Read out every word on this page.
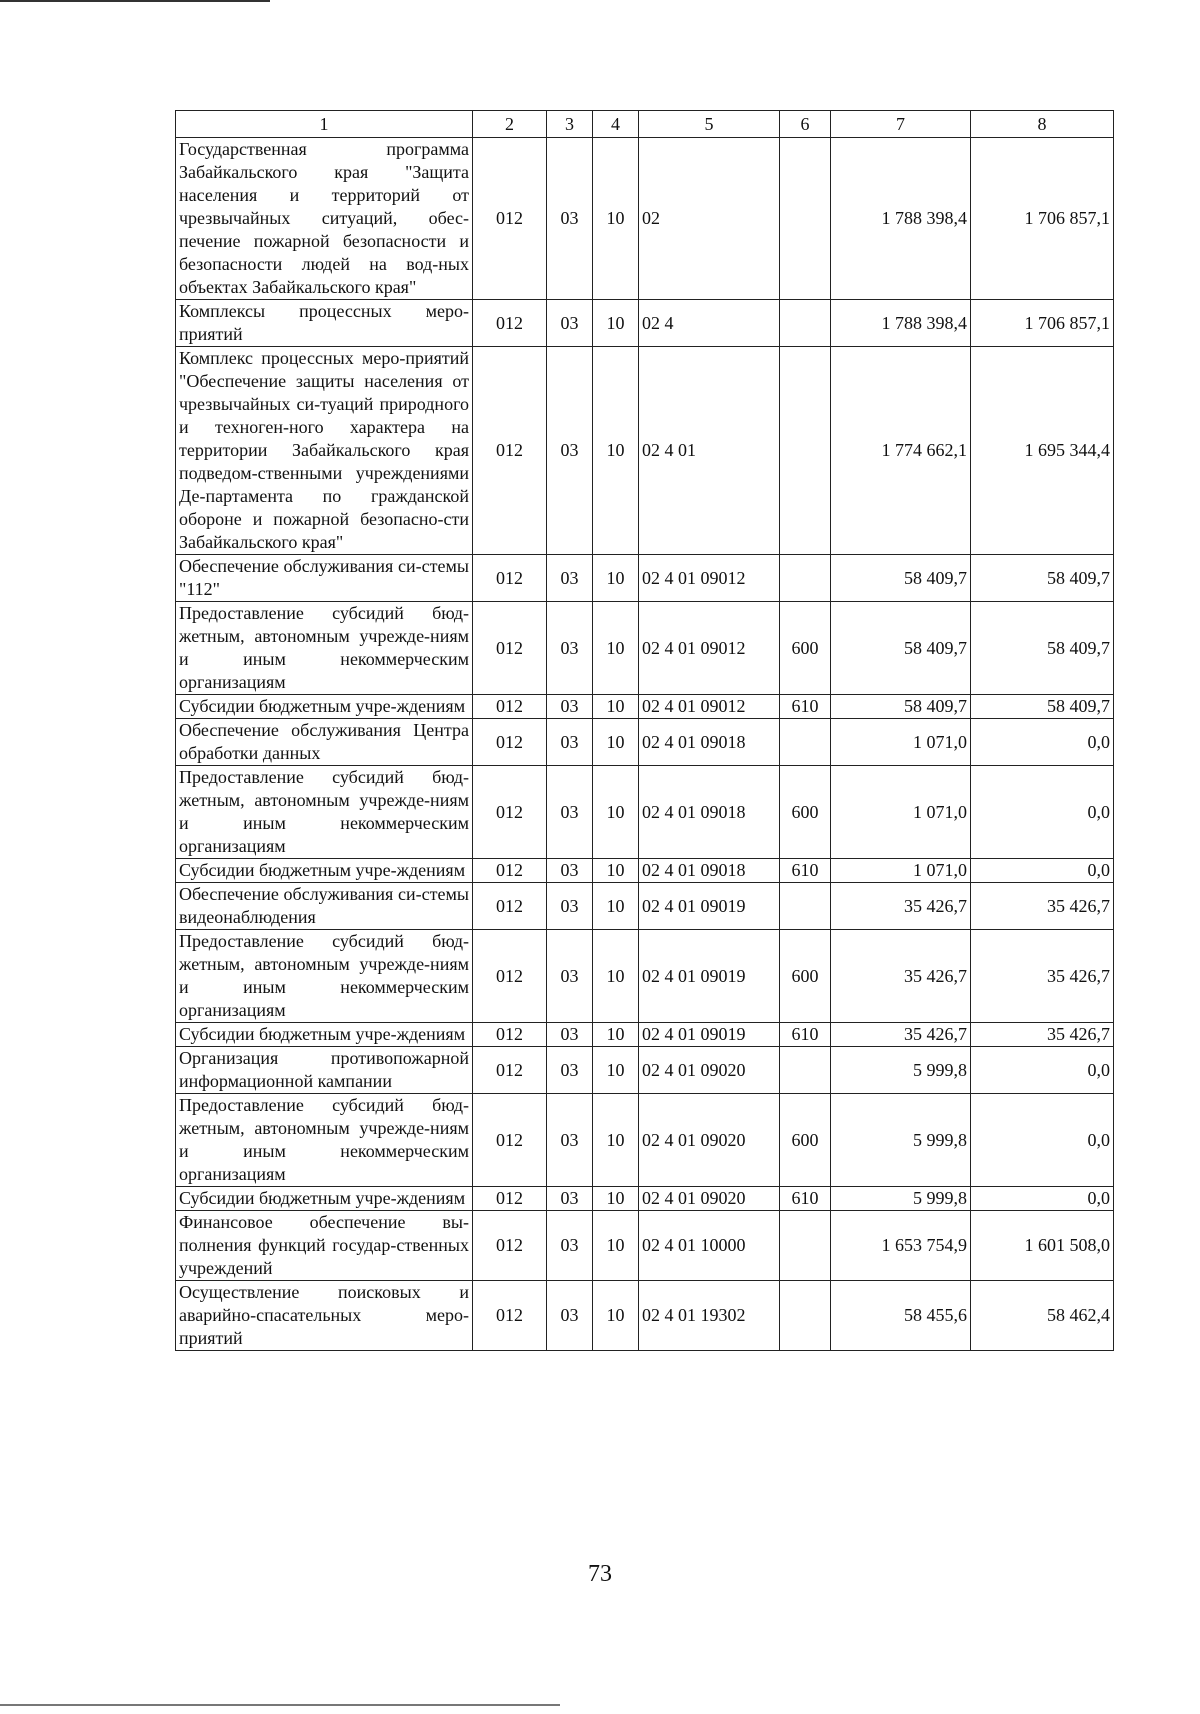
1	2	3	4	5	6	7	8
Государственная программа Забайкальского края "Защита населения и территорий от чрезвычайных ситуаций, обес-печение пожарной безопасности и безопасности людей на вод-ных объектах Забайкальского края"	012	03	10	02		1 788 398,4	1 706 857,1
Комплексы процессных меро-приятий	012	03	10	02 4		1 788 398,4	1 706 857,1
Комплекс процессных меро-приятий "Обеспечение защиты населения от чрезвычайных си-туаций природного и техноген-ного характера на территории Забайкальского края подведом-ственными учреждениями Де-партамента по гражданской обороне и пожарной безопасно-сти Забайкальского края"	012	03	10	02 4 01		1 774 662,1	1 695 344,4
Обеспечение обслуживания си-стемы "112"	012	03	10	02 4 01 09012		58 409,7	58 409,7
Предоставление субсидий бюд-жетным, автономным учрежде-ниям и иным некоммерческим организациям	012	03	10	02 4 01 09012	600	58 409,7	58 409,7
Субсидии бюджетным учре-ждениям	012	03	10	02 4 01 09012	610	58 409,7	58 409,7
Обеспечение обслуживания Центра обработки данных	012	03	10	02 4 01 09018		1 071,0	0,0
Предоставление субсидий бюд-жетным, автономным учрежде-ниям и иным некоммерческим организациям	012	03	10	02 4 01 09018	600	1 071,0	0,0
Субсидии бюджетным учре-ждениям	012	03	10	02 4 01 09018	610	1 071,0	0,0
Обеспечение обслуживания си-стемы видеонаблюдения	012	03	10	02 4 01 09019		35 426,7	35 426,7
Предоставление субсидий бюд-жетным, автономным учрежде-ниям и иным некоммерческим организациям	012	03	10	02 4 01 09019	600	35 426,7	35 426,7
Субсидии бюджетным учре-ждениям	012	03	10	02 4 01 09019	610	35 426,7	35 426,7
Организация противопожарной информационной кампании	012	03	10	02 4 01 09020		5 999,8	0,0
Предоставление субсидий бюд-жетным, автономным учрежде-ниям и иным некоммерческим организациям	012	03	10	02 4 01 09020	600	5 999,8	0,0
Субсидии бюджетным учре-ждениям	012	03	10	02 4 01 09020	610	5 999,8	0,0
Финансовое обеспечение вы-полнения функций государ-ственных учреждений	012	03	10	02 4 01 10000		1 653 754,9	1 601 508,0
Осуществление поисковых и аварийно-спасательных меро-приятий	012	03	10	02 4 01 19302		58 455,6	58 462,4
73
